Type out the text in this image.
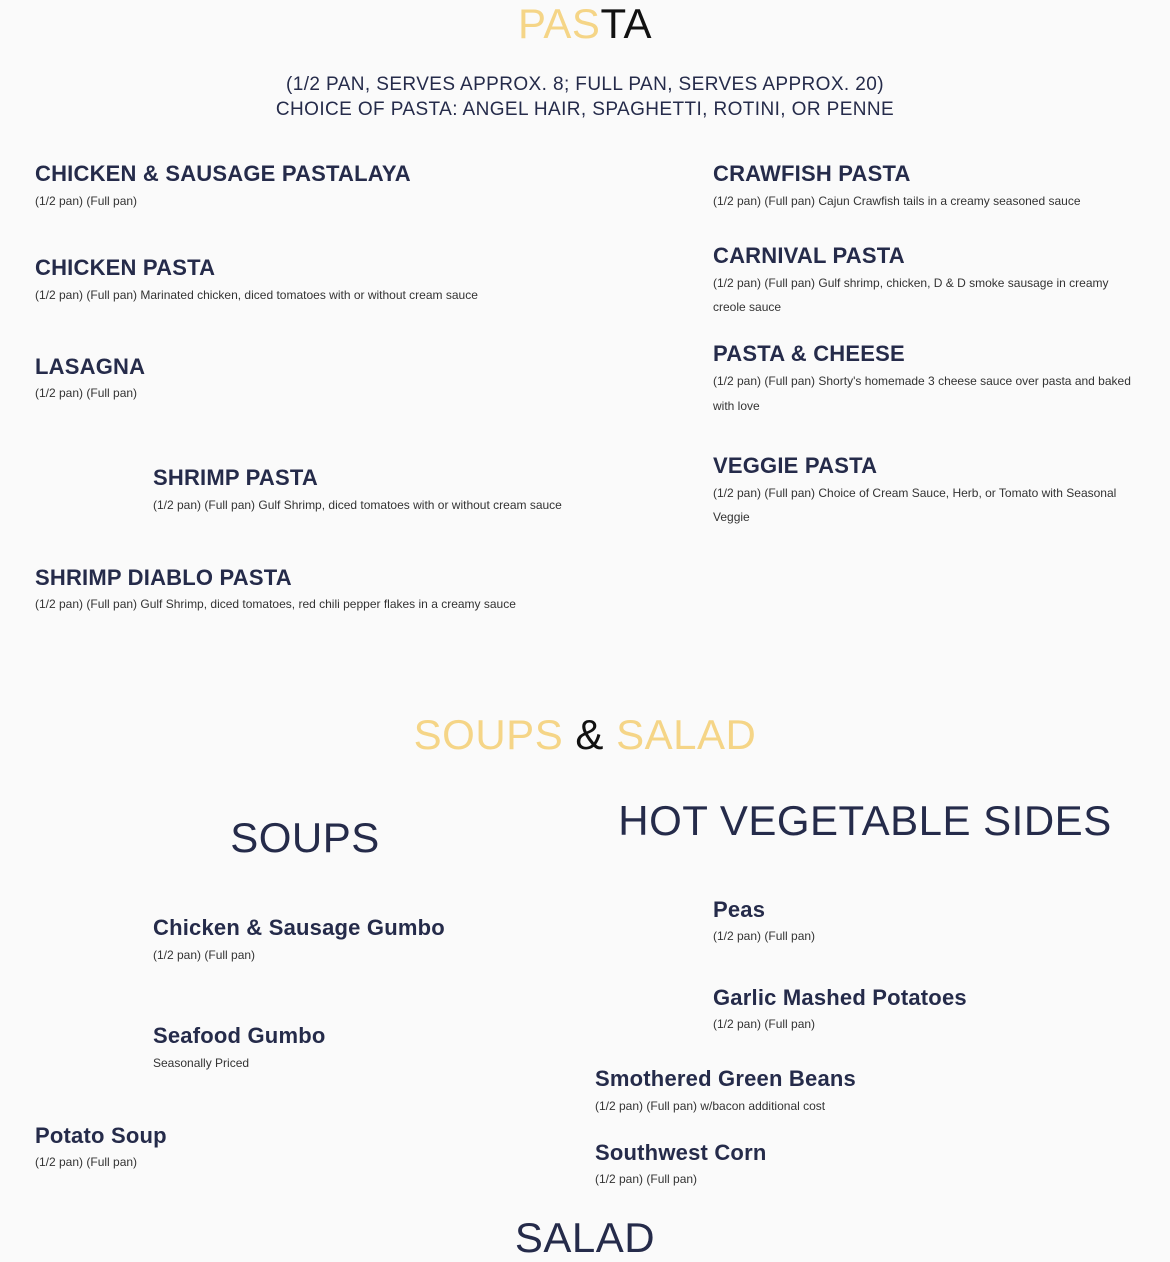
PASTA
(1/2 PAN, SERVES APPROX. 8; FULL PAN, SERVES APPROX. 20)
CHOICE OF PASTA: ANGEL HAIR, SPAGHETTI, ROTINI, OR PENNE
CHICKEN & SAUSAGE PASTALAYA
(1/2 pan) (Full pan)
CHICKEN PASTA
(1/2 pan) (Full pan) Marinated chicken, diced tomatoes with or without cream sauce
LASAGNA
(1/2 pan) (Full pan)
SHRIMP PASTA
(1/2 pan) (Full pan) Gulf Shrimp, diced tomatoes with or without cream sauce
SHRIMP DIABLO PASTA
(1/2 pan) (Full pan) Gulf Shrimp, diced tomatoes, red chili pepper flakes in a creamy sauce
CRAWFISH PASTA
(1/2 pan) (Full pan) Cajun Crawfish tails in a creamy seasoned sauce
CARNIVAL PASTA
(1/2 pan) (Full pan) Gulf shrimp, chicken, D & D smoke sausage in creamy creole sauce
PASTA & CHEESE
(1/2 pan) (Full pan) Shorty's homemade 3 cheese sauce over pasta and baked with love
VEGGIE PASTA
(1/2 pan) (Full pan) Choice of Cream Sauce, Herb, or Tomato with Seasonal Veggie
SOUPS & SALAD
SOUPS	HOT VEGETABLE SIDES
Chicken & Sausage Gumbo
(1/2 pan) (Full pan)
Seafood Gumbo
Seasonally Priced
Potato Soup
(1/2 pan) (Full pan)
Peas
(1/2 pan) (Full pan)
Garlic Mashed Potatoes
(1/2 pan) (Full pan)
Smothered Green Beans
(1/2 pan) (Full pan) w/bacon additional cost
Southwest Corn
(1/2 pan) (Full pan)
SALAD
